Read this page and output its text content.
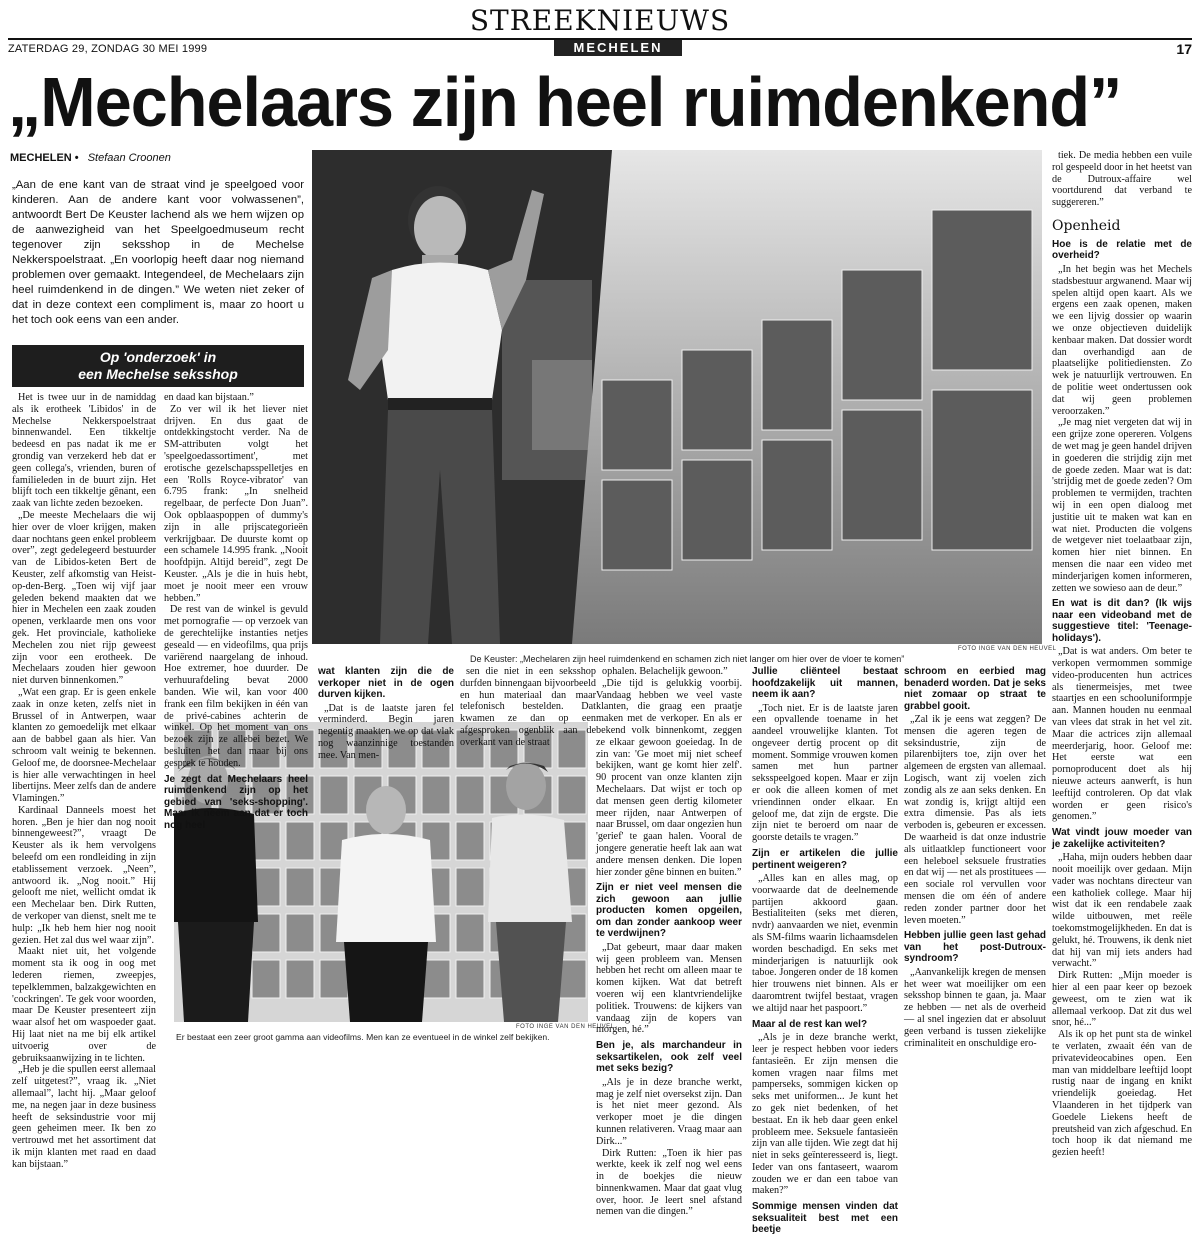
STREEKNIEUWS
ZATERDAG 29, ZONDAG 30 MEI 1999	MECHELEN	17
„Mechelaars zijn heel ruimdenkend”
MECHELEN • Stefaan Croonen
„Aan de ene kant van de straat vind je speelgoed voor kinderen. Aan de andere kant voor volwassenen”, antwoordt Bert De Keuster lachend als we hem wijzen op de aanwezigheid van het Speelgoedmuseum recht tegenover zijn seksshop in de Mechelse Nekkerspoelstraat. „En voorlopig heeft daar nog niemand problemen over gemaakt. Integendeel, de Mechelaars zijn heel ruimdenkend in de dingen.” We weten niet zeker of dat in deze context een compliment is, maar zo hoort u het toch ook eens van een ander.
Op 'onderzoek' in
een Mechelse seksshop
FOTO INGE VAN DEN HEUVEL
De Keuster: „Mechelaren zijn heel ruimdenkend en schamen zich niet langer om hier over de vloer te komen”
FOTO INGE VAN DEN HEUVEL
Er bestaat een zeer groot gamma aan videofilms. Men kan ze eventueel in de winkel zelf bekijken.

Het is twee uur in de namiddag als ik erotheek 'Libidos' in de Mechelse Nekkerspoelstraat binnenwandel. Een tikkeltje bedeesd en pas nadat ik me er grondig van verzekerd heb dat er geen collega's, vrienden, buren of familieleden in de buurt zijn. Het blijft toch een tikkeltje gênant, een zaak van lichte zeden bezoeken.

„De meeste Mechelaars die wij hier over de vloer krijgen, maken daar nochtans geen enkel probleem over”, zegt gedelegeerd bestuurder van de Libidos-keten Bert de Keuster, zelf afkomstig van Heist-op-den-Berg. „Toen wij vijf jaar geleden bekend maakten dat we hier in Mechelen een zaak zouden openen, verklaarde men ons voor gek. Het provinciale, katholieke Mechelen zou niet rijp geweest zijn voor een erotheek. De Mechelaars zouden hier gewoon niet durven binnenkomen.”

„Wat een grap. Er is geen enkele zaak in onze keten, zelfs niet in Brussel of in Antwerpen, waar klanten zo gemoedelijk met elkaar aan de babbel gaan als hier. Van schroom valt weinig te bekennen. Geloof me, de doorsnee-Mechelaar is hier alle verwachtingen in heel libertijns. Meer zelfs dan de andere Vlamingen.”

Kardinaal Danneels moest het horen. „Ben je hier dan nog nooit binnengeweest?”, vraagt De Keuster als ik hem vervolgens beleefd om een rondleiding in zijn etablissement verzoek. „Neen”, antwoord ik. „Nog nooit.” Hij gelooft me niet, wellicht omdat ik een Mechelaar ben. Dirk Rutten, de verkoper van dienst, snelt me te hulp: „Ik heb hem hier nog nooit gezien. Het zal dus wel waar zijn”.

Maakt niet uit, het volgende moment sta ik oog in oog met lederen riemen, zweepjes, tepelklemmen, balzakgewichten en 'cockringen'. Te gek voor woorden, maar De Keuster presenteert zijn waar alsof het om waspoeder gaat. Hij laat niet na me bij elk artikel uitvoerig over de gebruiksaanwijzing in te lichten.

„Heb je die spullen eerst allemaal zelf uitgetest?”, vraag ik. „Niet allemaal”, lacht hij. „Maar geloof me, na negen jaar in deze business heeft de seksindustrie voor mij geen geheimen meer. Ik ben zo vertrouwd met het assortiment dat ik mijn klanten met raad en daad kan bijstaan.”

en daad kan bijstaan.”

Zo ver wil ik het liever niet drijven. En dus gaat de ontdekkingstocht verder. Na de SM-attributen volgt het 'speelgoedassortiment', met erotische gezelschapsspelletjes en een 'Rolls Royce-vibrator' van 6.795 frank: „In snelheid regelbaar, de perfecte Don Juan”. Ook opblaaspoppen of dummy's zijn in alle prijscategorieën verkrijgbaar. De duurste komt op een schamele 14.995 frank. „Nooit hoofdpijn. Altijd bereid”, zegt De Keuster. „Als je die in huis hebt, moet je nooit meer een vrouw hebben.”

De rest van de winkel is gevuld met pornografie — op verzoek van de gerechtelijke instanties netjes geseald — en videofilms, qua prijs variërend naargelang de inhoud. Hoe extremer, hoe duurder. De verhuurafdeling bevat 2000 banden. Wie wil, kan voor 400 frank een film bekijken in één van de privé-cabines achterin de winkel. Op het moment van ons bezoek zijn ze allebei bezet. We besluiten het dan maar bij ons gesprek te houden.

Je zegt dat Mechelaars heel ruimdenkend zijn op het gebied van 'seks-shopping'. Maar ik neem aan dat er toch nog heel

wat klanten zijn die de verkoper niet in de ogen durven kijken.

„Dat is de laatste jaren fel verminderd. Begin jaren negentig maakten we op dat vlak nog waanzinnige toestanden mee. Van men-

sen die niet in een seksshop durfden binnengaan bijvoorbeeld en hun materiaal dan maar telefonisch bestelden. Dat kwamen ze dan op een afgesproken ogenblik aan de overkant van de straat

ophalen. Belachelijk gewoon.”

„Die tijd is gelukkig voorbij. Vandaag hebben we veel vaste klanten, die graag een praatje maken met de verkoper. En als er bekend volk binnenkomt, zeggen ze elkaar gewoon goeiedag. In de zin van: 'Ge moet mij niet scheef bekijken, want ge komt hier zelf'. 90 procent van onze klanten zijn Mechelaars. Dat wijst er toch op dat mensen geen dertig kilometer meer rijden, naar Antwerpen of naar Brussel, om daar ongezien hun 'gerief' te gaan halen. Vooral de jongere generatie heeft lak aan wat andere mensen denken. Die lopen hier zonder gêne binnen en buiten.”

Zijn er niet veel mensen die zich gewoon aan jullie producten komen opgeilen, om dan zonder aankoop weer te verdwijnen?

„Dat gebeurt, maar daar maken wij geen probleem van. Mensen hebben het recht om alleen maar te komen kijken. Wat dat betreft voeren wij een klantvriendelijke politiek. Trouwens: de kijkers van vandaag zijn de kopers van morgen, hé.”

Ben je, als marchandeur in seksartikelen, ook zelf veel met seks bezig?

„Als je in deze branche werkt, mag je zelf niet oversekst zijn. Dan is het niet meer gezond. Als verkoper moet je die dingen kunnen relativeren. Vraag maar aan Dirk...”

Dirk Rutten: „Toen ik hier pas werkte, keek ik zelf nog wel eens in de boekjes die nieuw binnenkwamen. Maar dat gaat vlug over, hoor. Je leert snel afstand nemen van die dingen.”

Jullie cliënteel bestaat hoofdzakelijk uit mannen, neem ik aan?

„Toch niet. Er is de laatste jaren een opvallende toename in het aandeel vrouwelijke klanten. Tot ongeveer dertig procent op dit moment. Sommige vrouwen komen samen met hun partner seksspeelgoed kopen. Maar er zijn er ook die alleen komen of met vriendinnen onder elkaar. En geloof me, dat zijn de ergste. Die zijn niet te beroerd om naar de goorste details te vragen.”

Zijn er artikelen die jullie pertinent weigeren?

„Alles kan en alles mag, op voorwaarde dat de deelnemende partijen akkoord gaan. Bestialiteiten (seks met dieren, nvdr) aanvaarden we niet, evenmin als SM-films waarin lichaamsdelen worden beschadigd. En seks met minderjarigen is natuurlijk ook taboe. Jongeren onder de 18 komen hier trouwens niet binnen. Als er daaromtrent twijfel bestaat, vragen we altijd naar het paspoort.”

Maar al de rest kan wel?

„Als je in deze branche werkt, leer je respect hebben voor ieders fantasieën. Er zijn mensen die komen vragen naar films met pamperseks, sommigen kicken op seks met uniformen... Je kunt het zo gek niet bedenken, of het bestaat. En ik heb daar geen enkel probleem mee. Seksuele fantasieën zijn van alle tijden. Wie zegt dat hij niet in seks geïnteresseerd is, liegt. Ieder van ons fantaseert, waarom zouden we er dan een taboe van maken?”

Sommige mensen vinden dat seksualiteit best met een beetje

schroom en eerbied mag benaderd worden. Dat je seks niet zomaar op straat te grabbel gooit.

„Zal ik je eens wat zeggen? De mensen die ageren tegen de seksindustrie, zijn de pilarenbijters toe, zijn over het algemeen de ergsten van allemaal. Logisch, want zij voelen zich zondig als ze aan seks denken. En wat zondig is, krijgt altijd een extra dimensie. Pas als iets verboden is, gebeuren er excessen. De waarheid is dat onze industrie als uitlaatklep functioneert voor een heleboel seksuele frustraties en dat wij — net als prostituees — een sociale rol vervullen voor mensen die om één of andere reden zonder partner door het leven moeten.”

Hebben jullie geen last gehad van het post-Dutroux-syndroom?

„Aanvankelijk kregen de mensen het weer wat moeilijker om een seksshop binnen te gaan, ja. Maar ze hebben — net als de overheid — al snel ingezien dat er absoluut geen verband is tussen ziekelijke criminaliteit en onschuldige ero-

tiek. De media hebben een vuile rol gespeeld door in het heetst van de Dutroux-affaire wel voortdurend dat verband te suggereren.”

Openheid

Hoe is de relatie met de overheid?

„In het begin was het Mechels stadsbestuur argwanend. Maar wij spelen altijd open kaart. Als we ergens een zaak openen, maken we een lijvig dossier op waarin we onze objectieven duidelijk kenbaar maken. Dat dossier wordt dan overhandigd aan de plaatselijke politiediensten. Zo wek je natuurlijk vertrouwen. En de politie weet ondertussen ook dat wij geen problemen veroorzaken.”

„Je mag niet vergeten dat wij in een grijze zone opereren. Volgens de wet mag je geen handel drijven in goederen die strijdig zijn met de goede zeden. Maar wat is dat: 'strijdig met de goede zeden'? Om problemen te vermijden, trachten wij in een open dialoog met justitie uit te maken wat kan en wat niet. Producten die volgens de wetgever niet toelaatbaar zijn, komen hier niet binnen. En mensen die naar een video met minderjarigen komen informeren, zetten we sowieso aan de deur.”

En wat is dit dan? (Ik wijs naar een videoband met de suggestieve titel: 'Teenage-holidays').

„Dat is wat anders. Om beter te verkopen vermommen sommige video-producenten hun actrices als tienermeisjes, met twee staartjes en een schooluniformpje aan. Mannen houden nu eenmaal van vlees dat strak in het vel zit. Maar die actrices zijn allemaal meerderjarig, hoor. Geloof me: Het eerste wat een pornoproducent doet als hij nieuwe acteurs aanwerft, is hun leeftijd controleren. Op dat vlak worden er geen risico's genomen.”

Wat vindt jouw moeder van je zakelijke activiteiten?

„Haha, mijn ouders hebben daar nooit moeilijk over gedaan. Mijn vader was nochtans directeur van een katholiek college. Maar hij wist dat ik een rendabele zaak wilde uitbouwen, met reële toekomstmogelijkheden. En dat is gelukt, hé. Trouwens, ik denk niet dat hij van mij iets anders had verwacht.”

Dirk Rutten: „Mijn moeder is hier al een paar keer op bezoek geweest, om te zien wat ik allemaal verkoop. Dat zit dus wel snor, hé...”

Als ik op het punt sta de winkel te verlaten, zwaait één van de privatevideocabines open. Een man van middelbare leeftijd loopt rustig naar de ingang en knikt vriendelijk goeiedag. Het Vlaanderen in het tijdperk van Goedele Liekens heeft de preutsheid van zich afgeschud. En toch hoop ik dat niemand me gezien heeft!
